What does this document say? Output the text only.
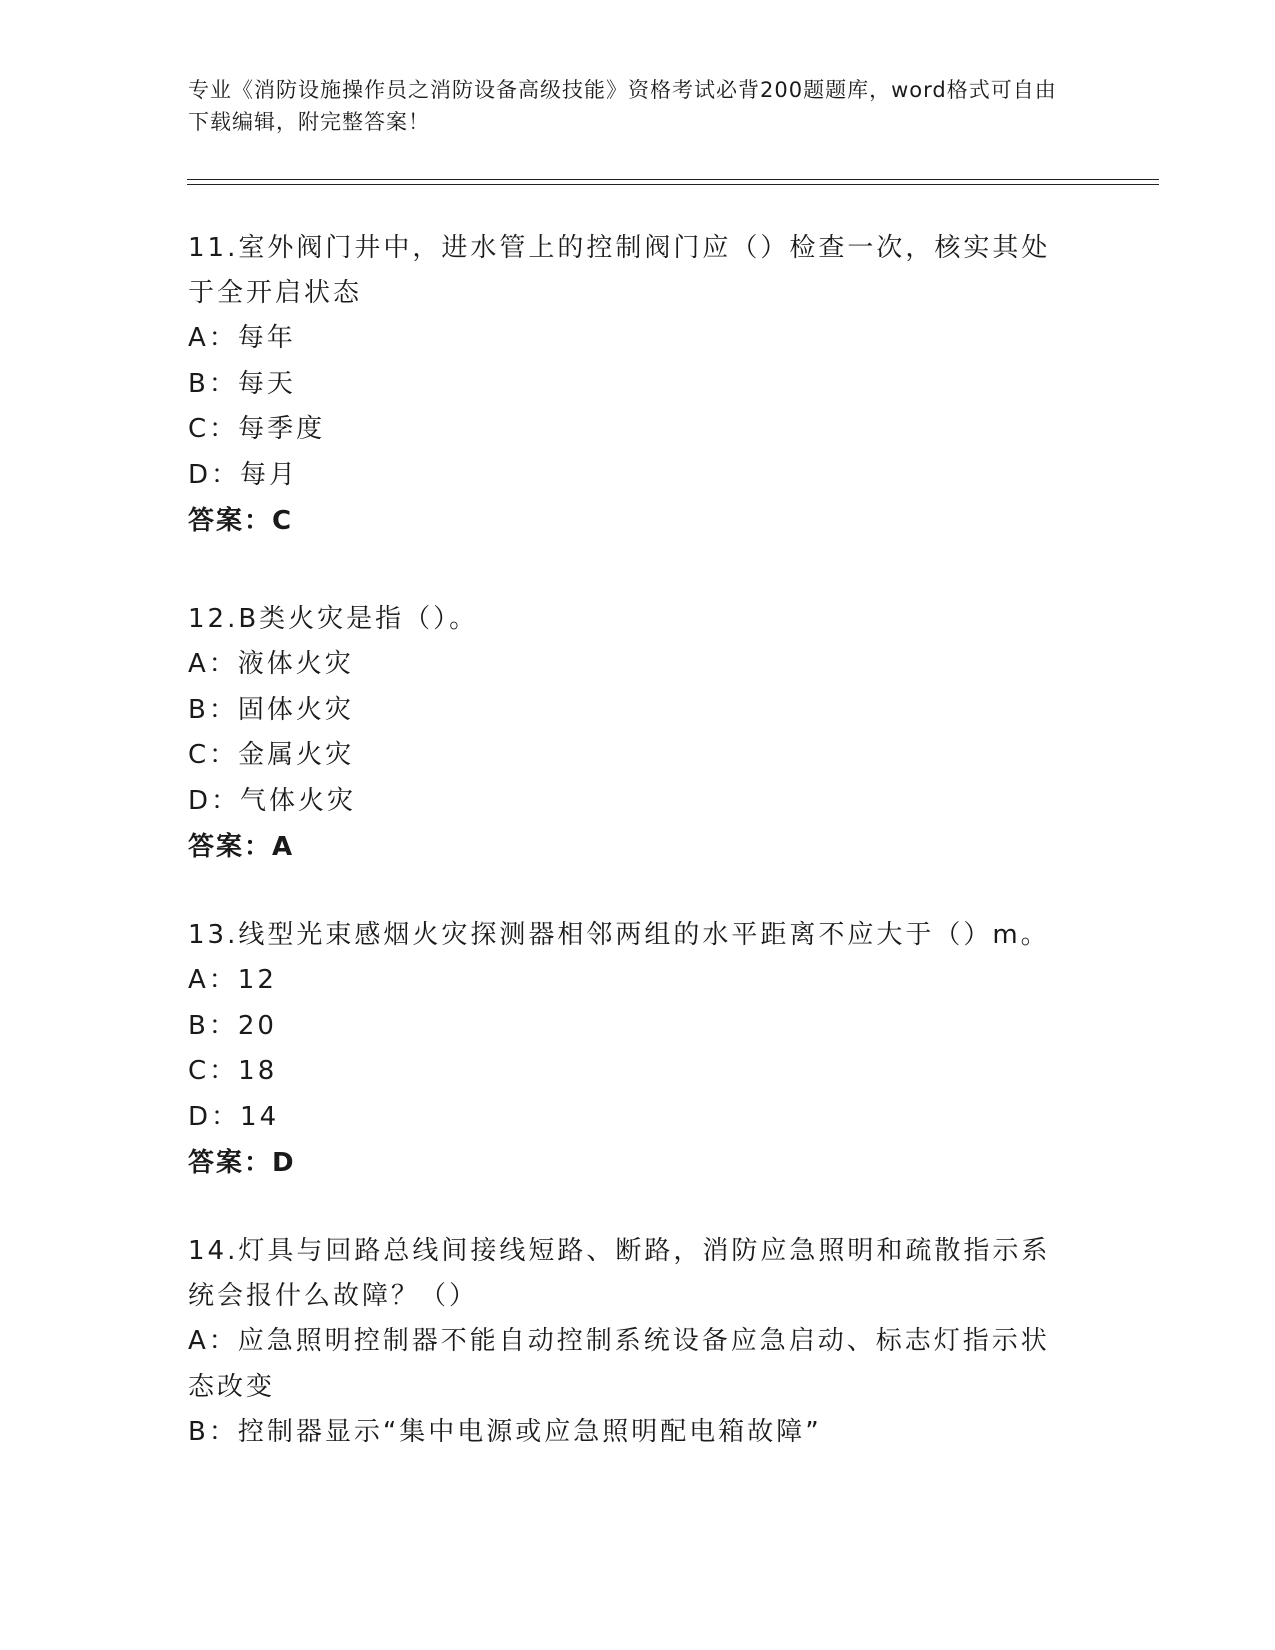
专业《消防设施操作员之消防设备高级技能》资格考试必背200题题库，word格式可自由下载编辑，附完整答案！
11.室外阀门井中，进水管上的控制阀门应（）检查一次，核实其处于全开启状态
A：每年
B：每天
C：每季度
D：每月
答案：C
12.B类火灾是指（）。
A：液体火灾
B：固体火灾
C：金属火灾
D：气体火灾
答案：A
13.线型光束感烟火灾探测器相邻两组的水平距离不应大于（）m。
A：12
B：20
C：18
D：14
答案：D
14.灯具与回路总线间接线短路、断路，消防应急照明和疏散指示系统会报什么故障？（）
A：应急照明控制器不能自动控制系统设备应急启动、标志灯指示状态改变
B：控制器显示“集中电源或应急照明配电箱故障”
